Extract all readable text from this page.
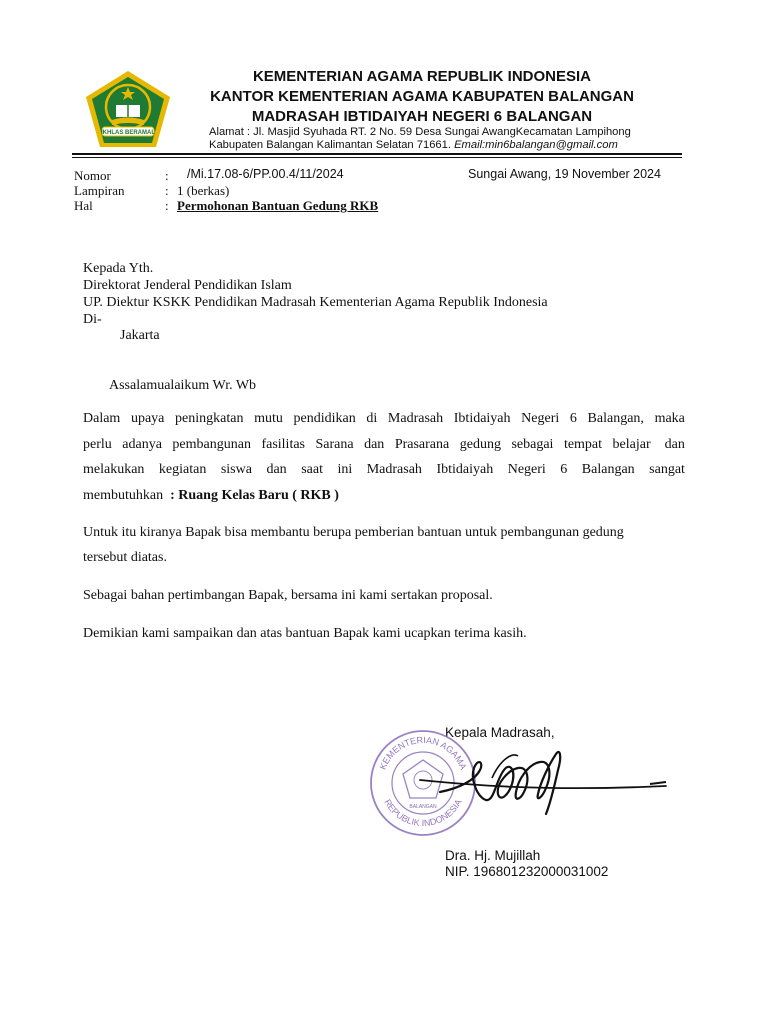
IKHLAS BERAMAL
KEMENTERIAN AGAMA REPUBLIK INDONESIA
KANTOR KEMENTERIAN AGAMA KABUPATEN BALANGAN
MADRASAH IBTIDAIYAH NEGERI 6 BALANGAN
Alamat : Jl. Masjid Syuhada RT. 2 No. 59 Desa Sungai AwangKecamatan Lampihong
Kabupaten Balangan Kalimantan Selatan 71661. Email:min6balangan@gmail.com
Nomor	: /Mi.17.08-6/PP.00.4/11/2024	Sungai Awang, 19 November 2024
Lampiran	: 1 (berkas)
Hal	: Permohonan Bantuan Gedung RKB
Kepada Yth.
Direktorat Jenderal Pendidikan Islam
UP. Diektur KSKK Pendidikan Madrasah Kementerian Agama Republik Indonesia
Di-
Jakarta
Assalamualaikum Wr. Wb
Dalam upaya peningkatan mutu pendidikan di Madrasah Ibtidaiyah Negeri 6 Balangan, maka
perlu adanya pembangunan fasilitas Sarana dan Prasarana gedung sebagai tempat belajar dan
melakukan kegiatan siswa dan saat ini Madrasah Ibtidaiyah Negeri 6 Balangan sangat
membutuhkan  : Ruang Kelas Baru ( RKB )
Untuk itu kiranya Bapak bisa membantu berupa pemberian bantuan untuk pembangunan gedung
tersebut diatas.
Sebagai bahan pertimbangan Bapak, bersama ini kami sertakan proposal.
Demikian kami sampaikan dan atas bantuan Bapak kami ucapkan terima kasih.
Kepala Madrasah,
KEMENTERIAN AGAMA
REPUBLIK INDONESIA
BALANGAN
Dra. Hj. Mujillah
NIP. 196801232000031002
